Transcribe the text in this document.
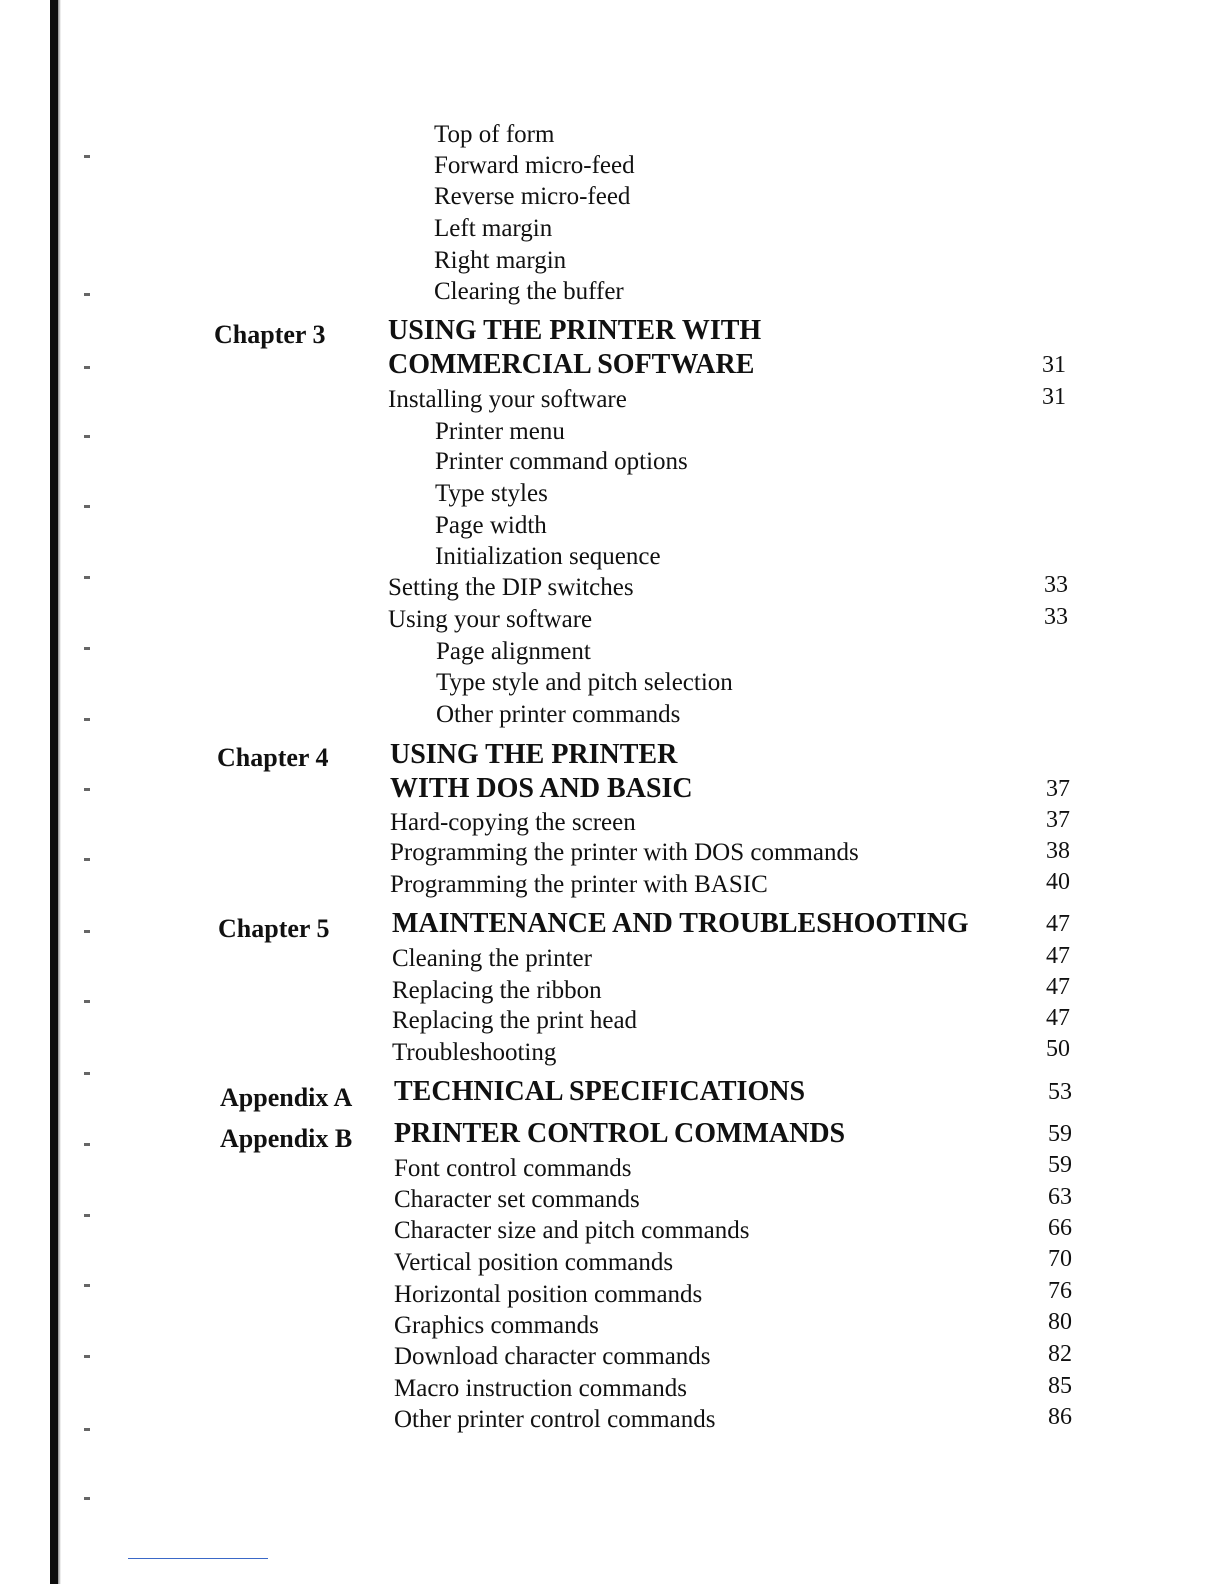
Top of form
Forward micro-feed
Reverse micro-feed
Left margin
Right margin
Clearing the buffer
Chapter 3 USING THE PRINTER WITH
COMMERCIAL SOFTWARE	31
Installing your software	31
Printer menu
Printer command options
Type styles
Page width
Initialization sequence
Setting the DIP switches	33
Using your software	33
Page alignment
Type style and pitch selection
Other printer commands
Chapter 4 USING THE PRINTER
WITH DOS AND BASIC	37
Hard-copying the screen	37
Programming the printer with DOS commands	38
Programming the printer with BASIC	40
Chapter 5 MAINTENANCE AND TROUBLESHOOTING	47
Cleaning the printer	47
Replacing the ribbon	47
Replacing the print head	47
Troubleshooting	50
Appendix A TECHNICAL SPECIFICATIONS	53
Appendix B PRINTER CONTROL COMMANDS	59
Font control commands	59
Character set commands	63
Character size and pitch commands	66
Vertical position commands	70
Horizontal position commands	76
Graphics commands	80
Download character commands	82
Macro instruction commands	85
Other printer control commands	86
